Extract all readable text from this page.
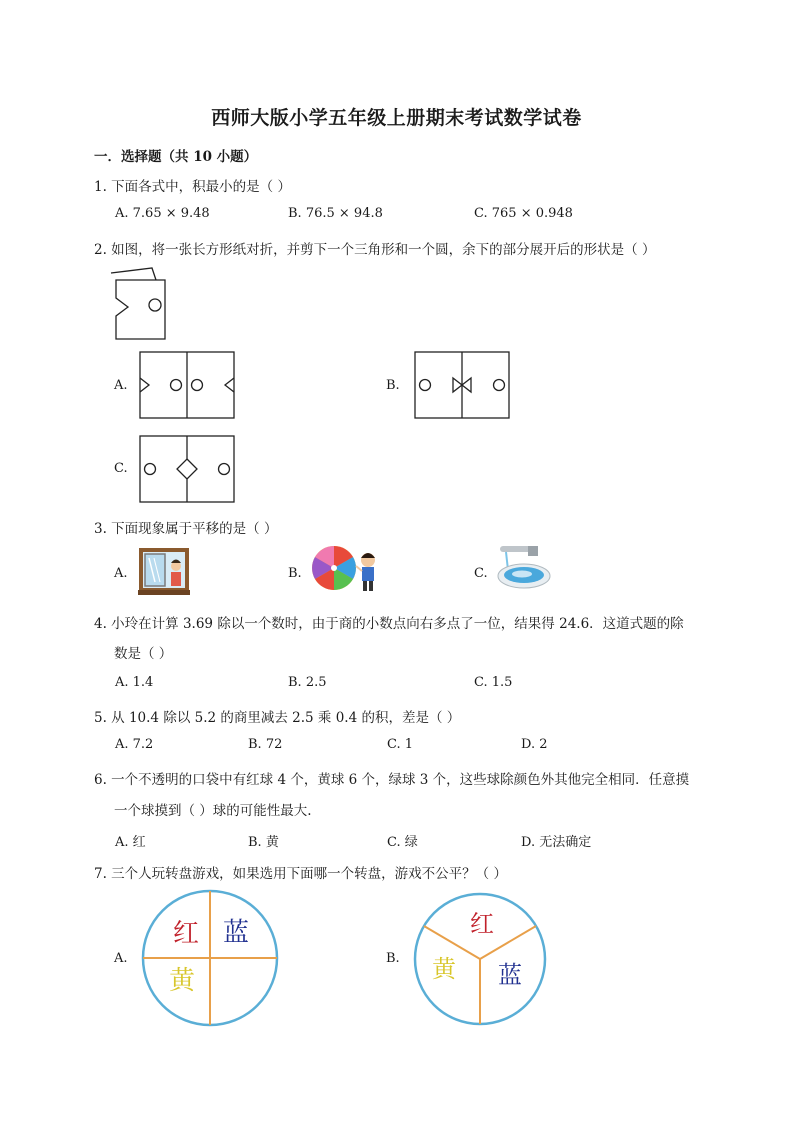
西师大版小学五年级上册期末考试数学试卷
一．选择题（共 10 小题）
1. 下面各式中，积最小的是（ ）
A. 7.65 × 9.48	B. 76.5 × 94.8	C. 765 × 0.948
2. 如图，将一张长方形纸对折，并剪下一个三角形和一个圆，余下的部分展开后的形状是（ ）
A.	B.
C.
3. 下面现象属于平移的是（ ）
A.	B.	C.
4. 小玲在计算 3.69 除以一个数时，由于商的小数点向右多点了一位，结果得 24.6．这道式题的除
数是（ ）
A. 1.4	B. 2.5	C. 1.5
5. 从 10.4 除以 5.2 的商里减去 2.5 乘 0.4 的积，差是（ ）
A. 7.2	B. 72	C. 1	D. 2
6. 一个不透明的口袋中有红球 4 个，黄球 6 个，绿球 3 个，这些球除颜色外其他完全相同．任意摸
一个球摸到（ ）球的可能性最大.
A. 红	B. 黄	C. 绿	D. 无法确定
7. 三个人玩转盘游戏，如果选用下面哪一个转盘，游戏不公平？（ ）
A.
红 蓝
黄
B.
红
黄 蓝
